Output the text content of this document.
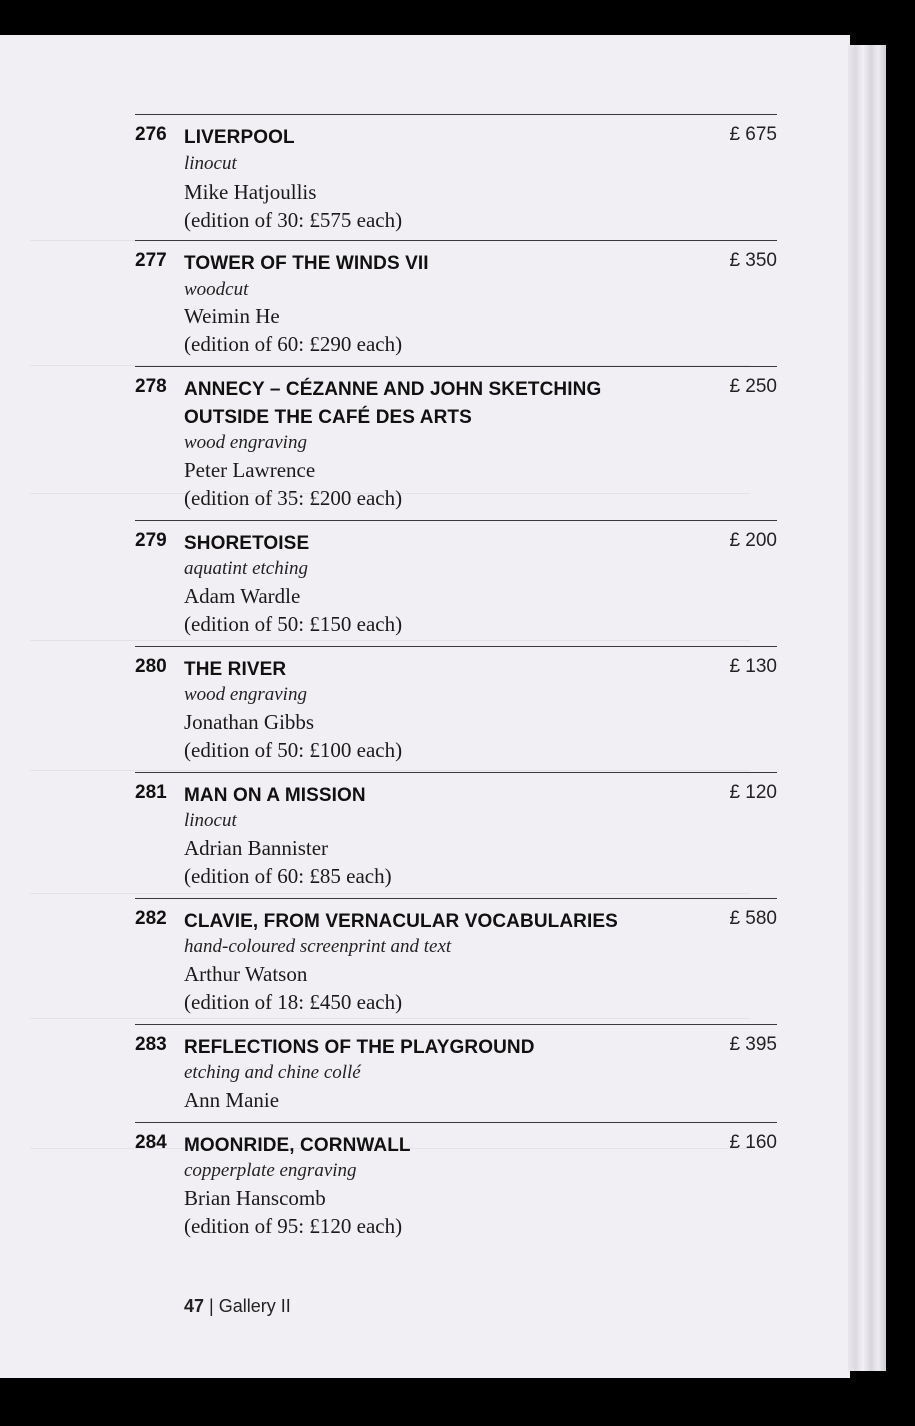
276 LIVERPOOL	£ 675
linocut
Mike Hatjoullis
(edition of 30: £575 each)
277 TOWER OF THE WINDS VII	£ 350
woodcut
Weimin He
(edition of 60: £290 each)
278 ANNECY – CÉZANNE AND JOHN SKETCHING
OUTSIDE THE CAFÉ DES ARTS
£ 250
wood engraving
Peter Lawrence
(edition of 35: £200 each)
279 SHORETOISE	£ 200
aquatint etching
Adam Wardle
(edition of 50: £150 each)
280 THE RIVER	£ 130
wood engraving
Jonathan Gibbs
(edition of 50: £100 each)
281 MAN ON A MISSION	£ 120
linocut
Adrian Bannister
(edition of 60: £85 each)
282 CLAVIE, FROM VERNACULAR VOCABULARIES	£ 580
hand-coloured screenprint and text
Arthur Watson
(edition of 18: £450 each)
283 REFLECTIONS OF THE PLAYGROUND	£ 395
etching and chine collé
Ann Manie
284 MOONRIDE, CORNWALL	£ 160
copperplate engraving
Brian Hanscomb
(edition of 95: £120 each)
47 | Gallery II
